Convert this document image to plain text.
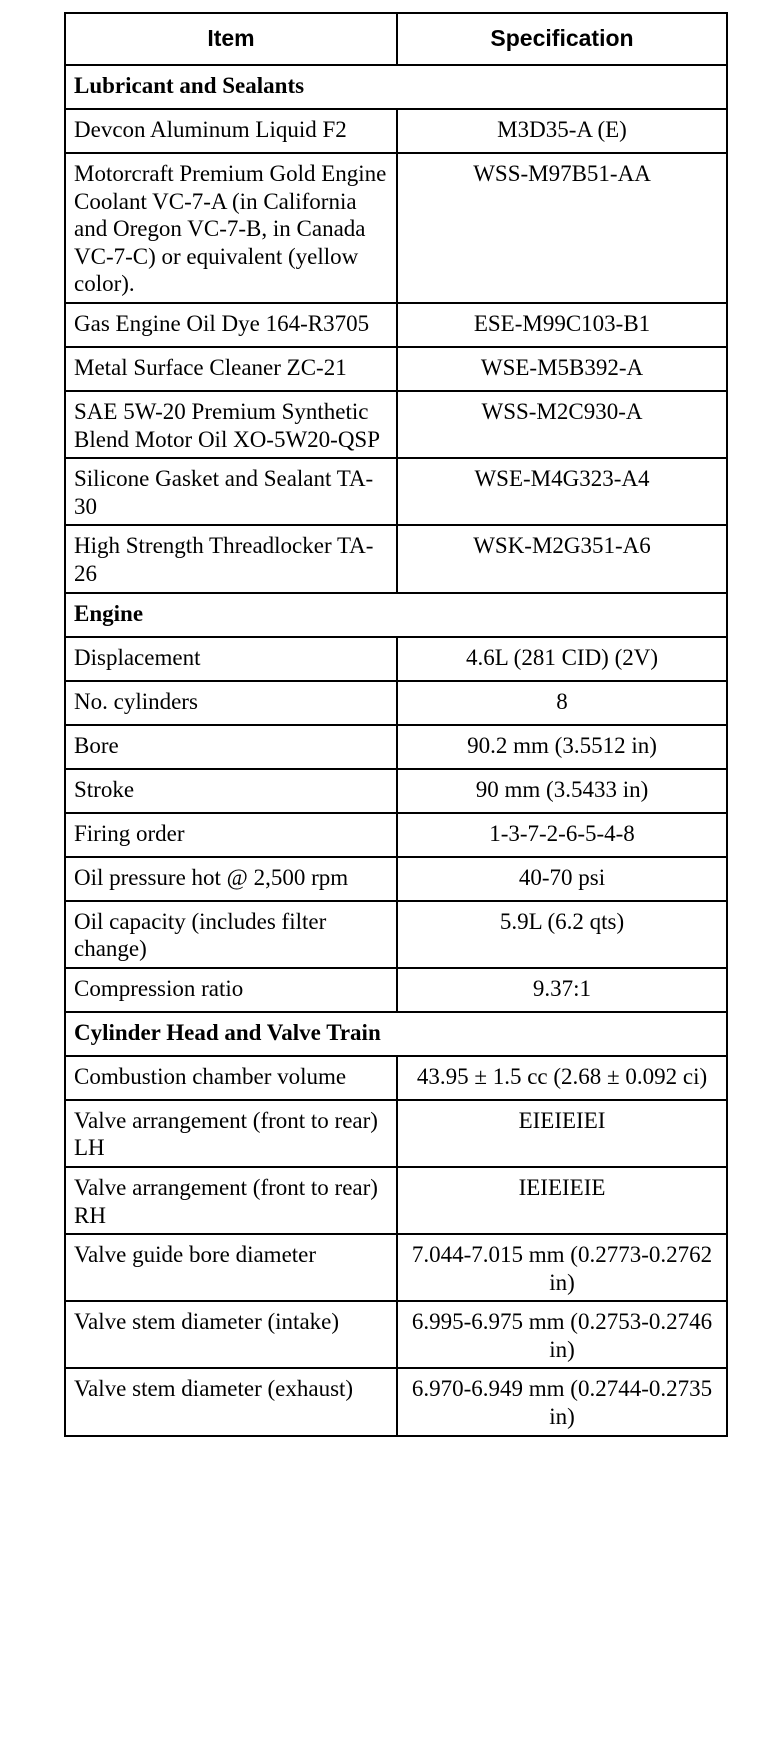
Item	Specification
Lubricant and Sealants	
Devcon Aluminum Liquid F2	M3D35-A (E)
Motorcraft Premium Gold Engine Coolant VC-7-A (in California and Oregon VC-7-B, in Canada VC-7-C) or equivalent (yellow color).	WSS-M97B51-AA
Gas Engine Oil Dye 164-R3705	ESE-M99C103-B1
Metal Surface Cleaner ZC-21	WSE-M5B392-A
SAE 5W-20 Premium Synthetic Blend Motor Oil XO-5W20-QSP	WSS-M2C930-A
Silicone Gasket and Sealant TA-30	WSE-M4G323-A4
High Strength Threadlocker TA-26	WSK-M2G351-A6
Engine	
Displacement	4.6L (281 CID) (2V)
No. cylinders	8
Bore	90.2 mm (3.5512 in)
Stroke	90 mm (3.5433 in)
Firing order	1-3-7-2-6-5-4-8
Oil pressure hot @ 2,500 rpm	40-70 psi
Oil capacity (includes filter change)	5.9L (6.2 qts)
Compression ratio	9.37:1
Cylinder Head and Valve Train	
Combustion chamber volume	43.95 ± 1.5 cc (2.68 ± 0.092 ci)
Valve arrangement (front to rear) LH	EIEIEIEI
Valve arrangement (front to rear) RH	IEIEIEIE
Valve guide bore diameter	7.044-7.015 mm (0.2773-0.2762 in)
Valve stem diameter (intake)	6.995-6.975 mm (0.2753-0.2746 in)
Valve stem diameter (exhaust)	6.970-6.949 mm (0.2744-0.2735 in)
